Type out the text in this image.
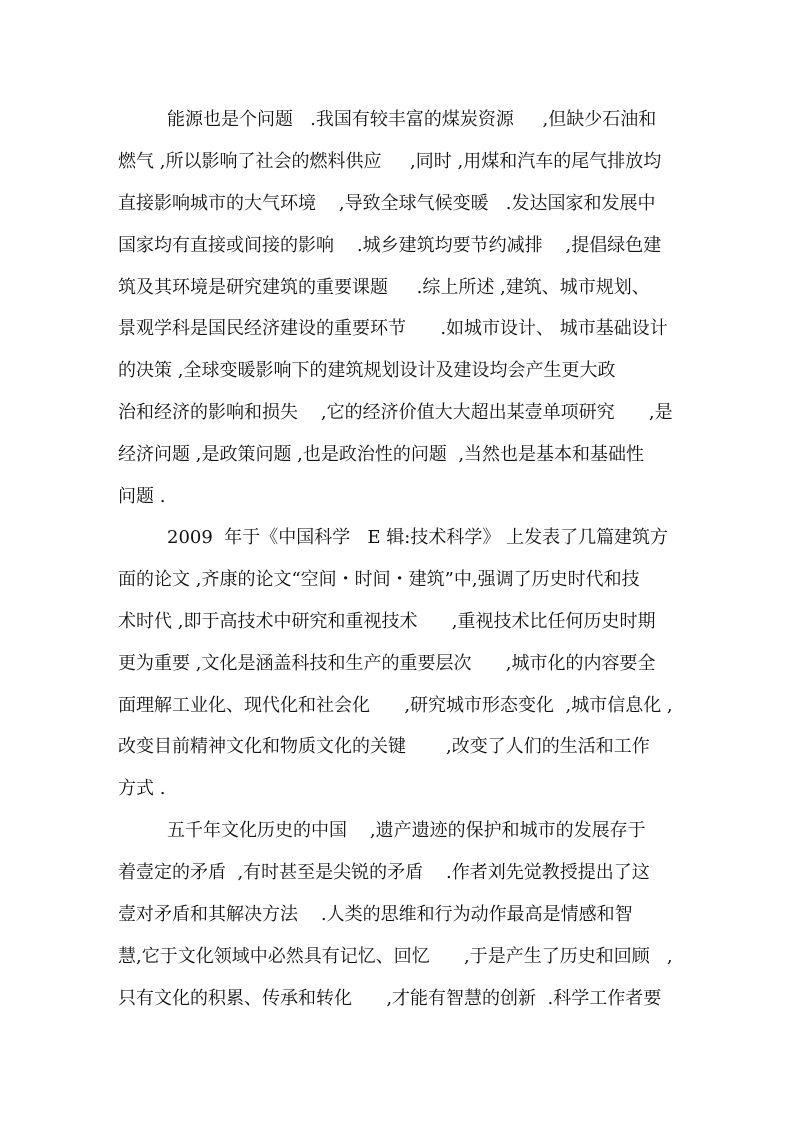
能源也是个问题   .我国有较丰富的煤炭资源     ,但缺少石油和
燃气 ,所以影响了社会的燃料供应     ,同时 ,用煤和汽车的尾气排放均
直接影响城市的大气环境    ,导致全球气候变暖   .发达国家和发展中
国家均有直接或间接的影响    .城乡建筑均要节约减排    ,提倡绿色建
筑及其环境是研究建筑的重要课题     .综上所述 ,建筑、城市规划、
景观学科是国民经济建设的重要环节      .如城市设计、 城市基础设计
的决策 ,全球变暖影响下的建筑规划设计及建设均会产生更大政
治和经济的影响和损失    ,它的经济价值大大超出某壹单项研究      ,是
经济问题 ,是政策问题 ,也是政治性的问题  ,当然也是基本和基础性
问题 .
2009  年于《中国科学   E 辑:技术科学》 上发表了几篇建筑方
面的论文 ,齐康的论文“空间・时间・建筑”中,强调了历史时代和技
术时代 ,即于高技术中研究和重视技术      ,重视技术比任何历史时期
更为重要 ,文化是涵盖科技和生产的重要层次      ,城市化的内容要全
面理解工业化、现代化和社会化      ,研究城市形态变化  ,城市信息化 ,
改变目前精神文化和物质文化的关键       ,改变了人们的生活和工作
方式 .
五千年文化历史的中国    ,遗产遗迹的保护和城市的发展存于
着壹定的矛盾  ,有时甚至是尖锐的矛盾    .作者刘先觉教授提出了这
壹对矛盾和其解决方法    .人类的思维和行为动作最高是情感和智
慧,它于文化领域中必然具有记忆、回忆      ,于是产生了历史和回顾   ,
只有文化的积累、传承和转化      ,才能有智慧的创新  .科学工作者要
